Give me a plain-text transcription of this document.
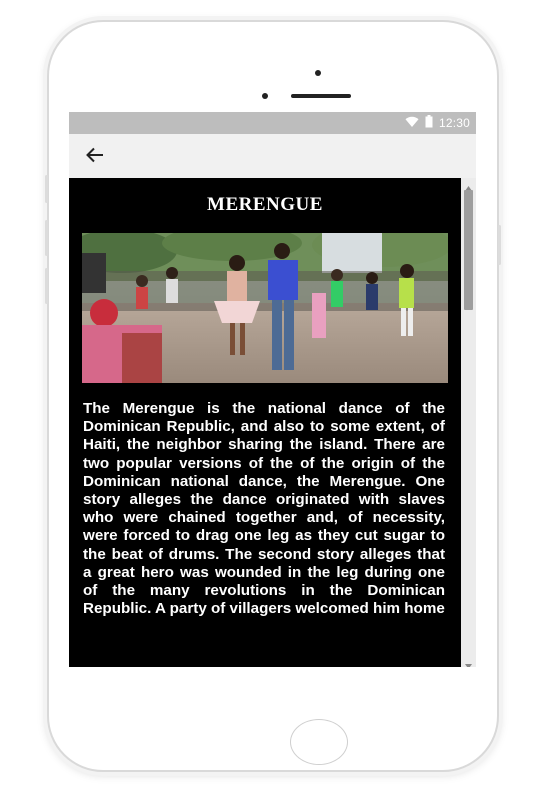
12:30
MERENGUE
The Merengue is the national dance of the Dominican Republic, and also to some extent, of Haiti, the neighbor sharing the island. There are two popular versions of the of the origin of the Dominican national dance, the Merengue. One story alleges the dance originated with slaves who were chained together and, of necessity, were forced to drag one leg as they cut sugar to the beat of drums. The second story alleges that a great hero was wounded in the leg during one of the many revolutions in the Dominican Republic. A party of villagers welcomed him home
